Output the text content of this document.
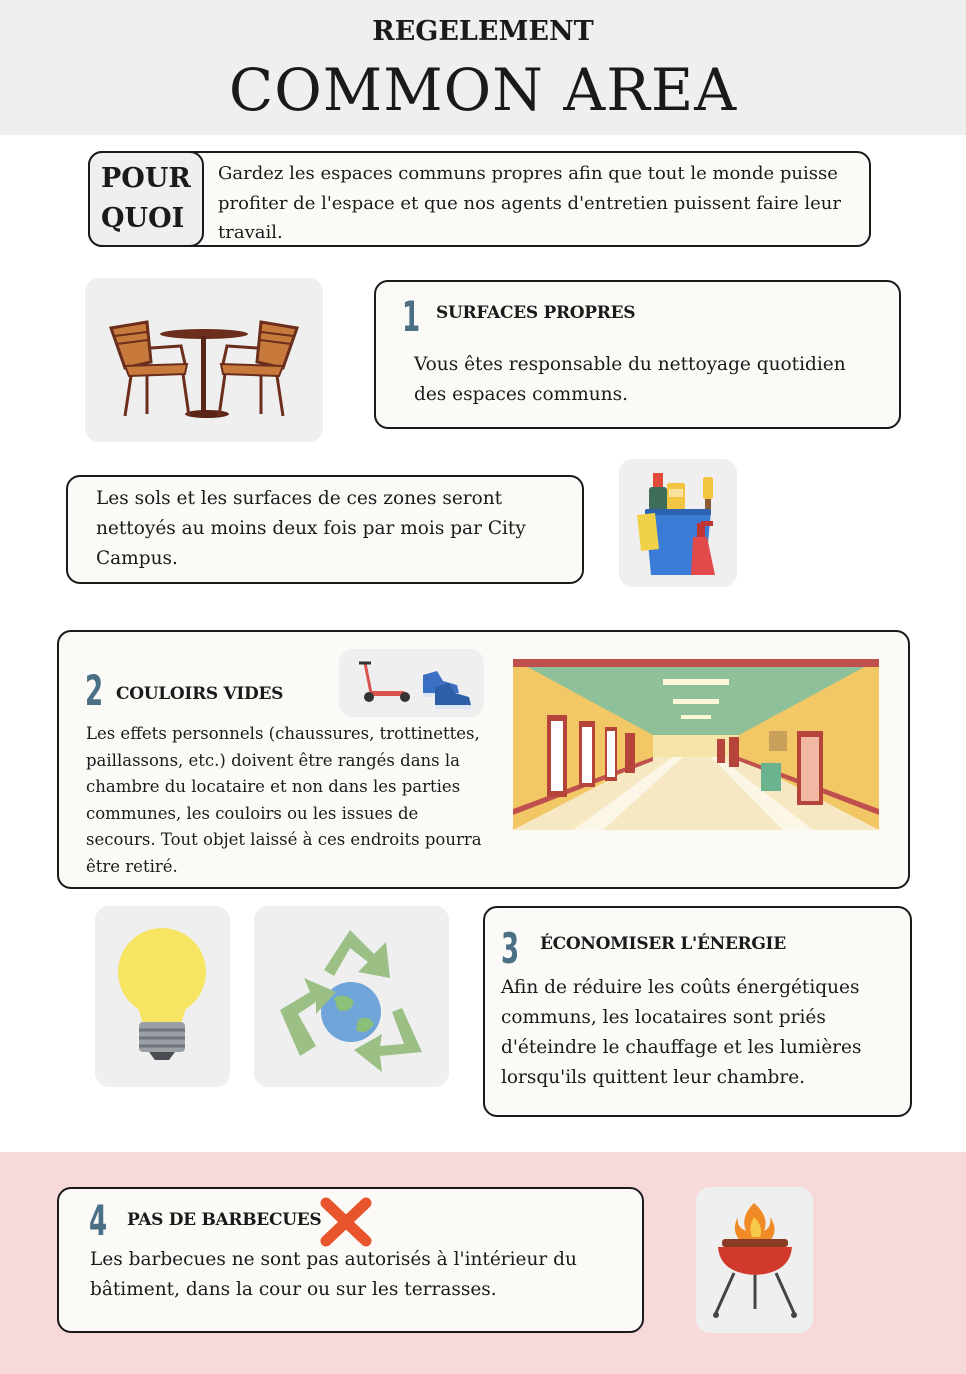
REGELEMENT
COMMON AREA
POUR
QUOI
Gardez les espaces communs propres afin que tout le monde puisse profiter de l'espace et que nos agents d'entretien puissent faire leur travail.
1 SURFACES PROPRES
Vous êtes responsable du nettoyage quotidien des espaces communs.
Les sols et les surfaces de ces zones seront nettoyés au moins deux fois par mois par City Campus.
2 COULOIRS VIDES
Les effets personnels (chaussures, trottinettes, paillassons, etc.) doivent être rangés dans la chambre du locataire et non dans les parties communes, les couloirs ou les issues de secours. Tout objet laissé à ces endroits pourra être retiré.
3 ÉCONOMISER L'ÉNERGIE
Afin de réduire les coûts énergétiques communs, les locataires sont priés d'éteindre le chauffage et les lumières lorsqu'ils quittent leur chambre.
4 PAS DE BARBECUES
Les barbecues ne sont pas autorisés à l'intérieur du bâtiment, dans la cour ou sur les terrasses.
